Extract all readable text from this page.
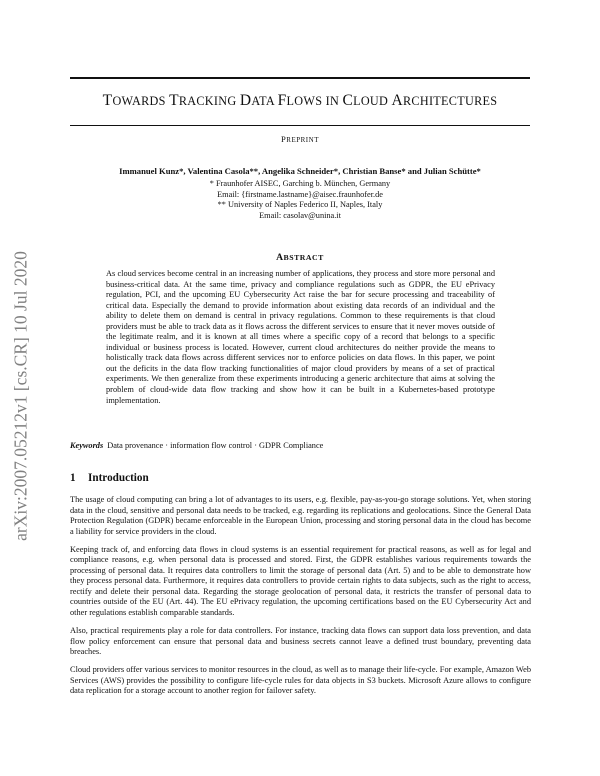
TOWARDS TRACKING DATA FLOWS IN CLOUD ARCHITECTURES
PREPRINT
Immanuel Kunz*, Valentina Casola**, Angelika Schneider*, Christian Banse* and Julian Schütte*
* Fraunhofer AISEC, Garching b. München, Germany
Email: {firstname.lastname}@aisec.fraunhofer.de
** University of Naples Federico II, Naples, Italy
Email: casolav@unina.it
arXiv:2007.05212v1 [cs.CR] 10 Jul 2020	ABSTRACT

As cloud services become central in an increasing number of applications, they process and store more personal and business-critical data. At the same time, privacy and compliance regulations such as GDPR, the EU ePrivacy regulation, PCI, and the upcoming EU Cybersecurity Act raise the bar for secure processing and traceability of critical data. Especially the demand to provide information about existing data records of an individual and the ability to delete them on demand is central in privacy regulations. Common to these requirements is that cloud providers must be able to track data as it flows across the different services to ensure that it never moves outside of the legitimate realm, and it is known at all times where a specific copy of a record that belongs to a specific individual or business process is located. However, current cloud architectures do neither provide the means to holistically track data flows across different services nor to enforce policies on data flows. In this paper, we point out the deficits in the data flow tracking functionalities of major cloud providers by means of a set of practical experiments. We then generalize from these experiments introducing a generic architecture that aims at solving the problem of cloud-wide data flow tracking and show how it can be built in a Kubernetes-based prototype implementation.

Keywords Data provenance · information flow control · GDPR Compliance
1 Introduction

The usage of cloud computing can bring a lot of advantages to its users, e.g. flexible, pay-as-you-go storage solutions. Yet, when storing data in the cloud, sensitive and personal data needs to be tracked, e.g. regarding its replications and geolocations. Since the General Data Protection Regulation (GDPR) became enforceable in the European Union, processing and storing personal data in the cloud has become a liability for service providers in the cloud.

Keeping track of, and enforcing data flows in cloud systems is an essential requirement for practical reasons, as well as for legal and compliance reasons, e.g. when personal data is processed and stored. First, the GDPR establishes various requirements towards the processing of personal data. It requires data controllers to limit the storage of personal data (Art. 5) and to be able to demonstrate how they process personal data. Furthermore, it requires data controllers to provide certain rights to data subjects, such as the right to access, rectify and delete their personal data. Regarding the storage geolocation of personal data, it restricts the transfer of personal data to countries outside of the EU (Art. 44). The EU ePrivacy regulation, the upcoming certifications based on the EU Cybersecurity Act and other regulations establish comparable standards.

Also, practical requirements play a role for data controllers. For instance, tracking data flows can support data loss prevention, and data flow policy enforcement can ensure that personal data and business secrets cannot leave a defined trust boundary, preventing data breaches.

Cloud providers offer various services to monitor resources in the cloud, as well as to manage their life-cycle. For example, Amazon Web Services (AWS) provides the possibility to configure life-cycle rules for data objects in S3 buckets. Microsoft Azure allows to configure data replication for a storage account to another region for failover safety.
